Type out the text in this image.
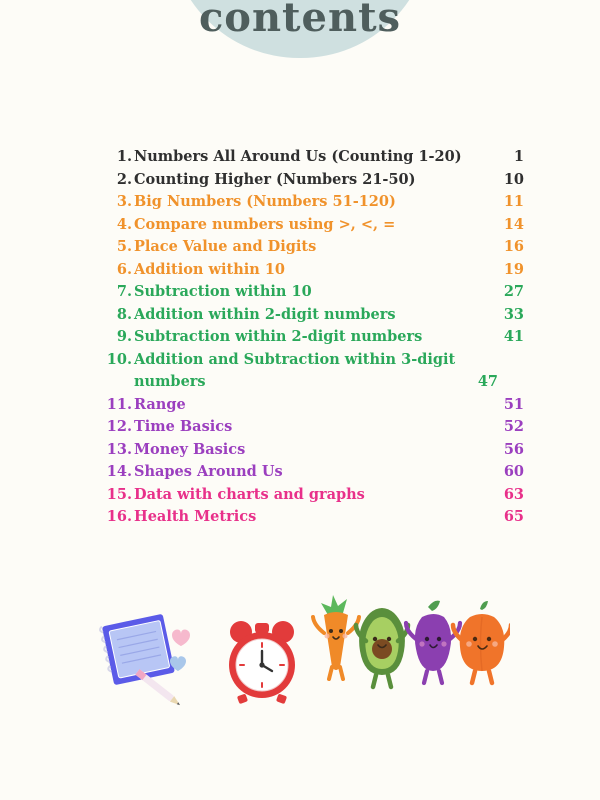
contents
1. Numbers All Around Us (Counting 1-20)	1
2. Counting Higher (Numbers 21-50)	10
3. Big Numbers (Numbers 51-120)	11
4. Compare numbers using >, <, =	14
5. Place Value and Digits	16
6. Addition within 10	19
7. Subtraction within 10	27
8. Addition within 2-digit numbers	33
9. Subtraction within 2-digit numbers	41
10. Addition and Subtraction within 3-digit numbers	47
11. Range	51
12. Time Basics	52
13. Money Basics	56
14. Shapes Around Us	60
15. Data with charts and graphs	63
16. Health Metrics	65
